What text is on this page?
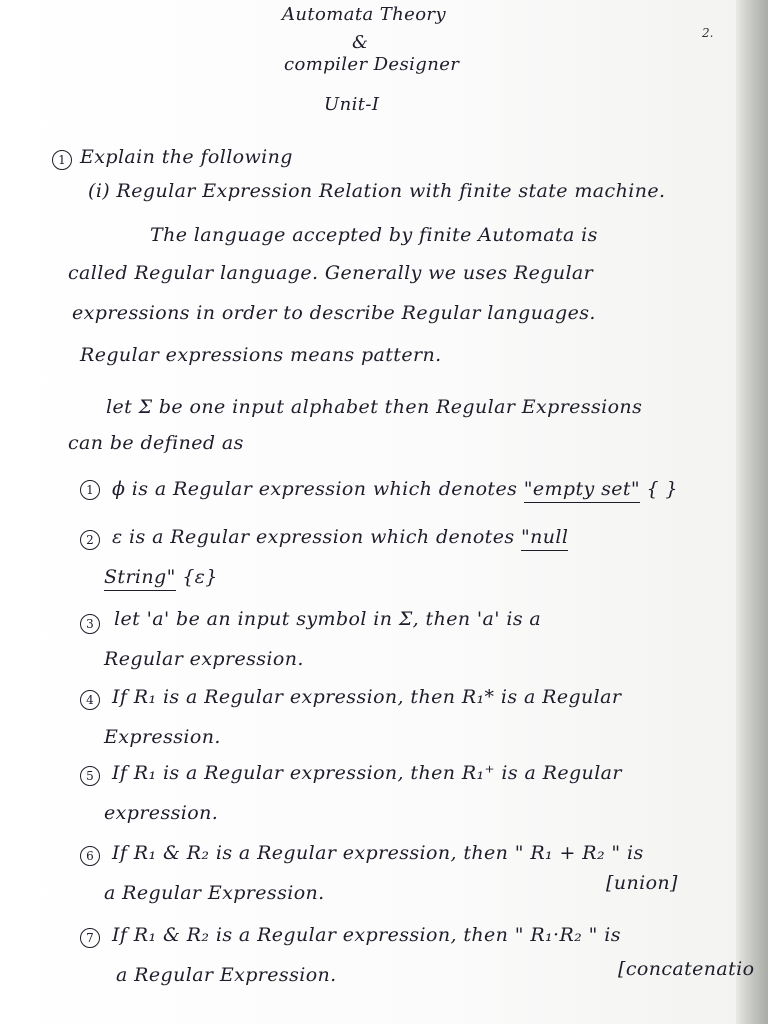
Automata Theory
&
compiler Designer
Unit-I
2.
1 Explain the following
(i) Regular Expression Relation with finite state machine.
The language accepted by finite Automata is
called Regular language. Generally we uses Regular
expressions in order to describe Regular languages.
Regular expressions means pattern.
let Σ be one input alphabet then Regular Expressions
can be defined as
1 ϕ is a Regular expression which denotes "empty set" { }
2 ε is a Regular expression which denotes "null
String" {ε}
3 let 'a' be an input symbol in Σ, then 'a' is a
Regular expression.
4 If R₁ is a Regular expression, then R₁* is a Regular
Expression.
5 If R₁ is a Regular expression, then R₁⁺ is a Regular
expression.
6 If R₁ & R₂ is a Regular expression, then " R₁ + R₂ " is
a Regular Expression.	[union]
7 If R₁ & R₂ is a Regular expression, then " R₁·R₂ " is
a Regular Expression.	[concatenatio
